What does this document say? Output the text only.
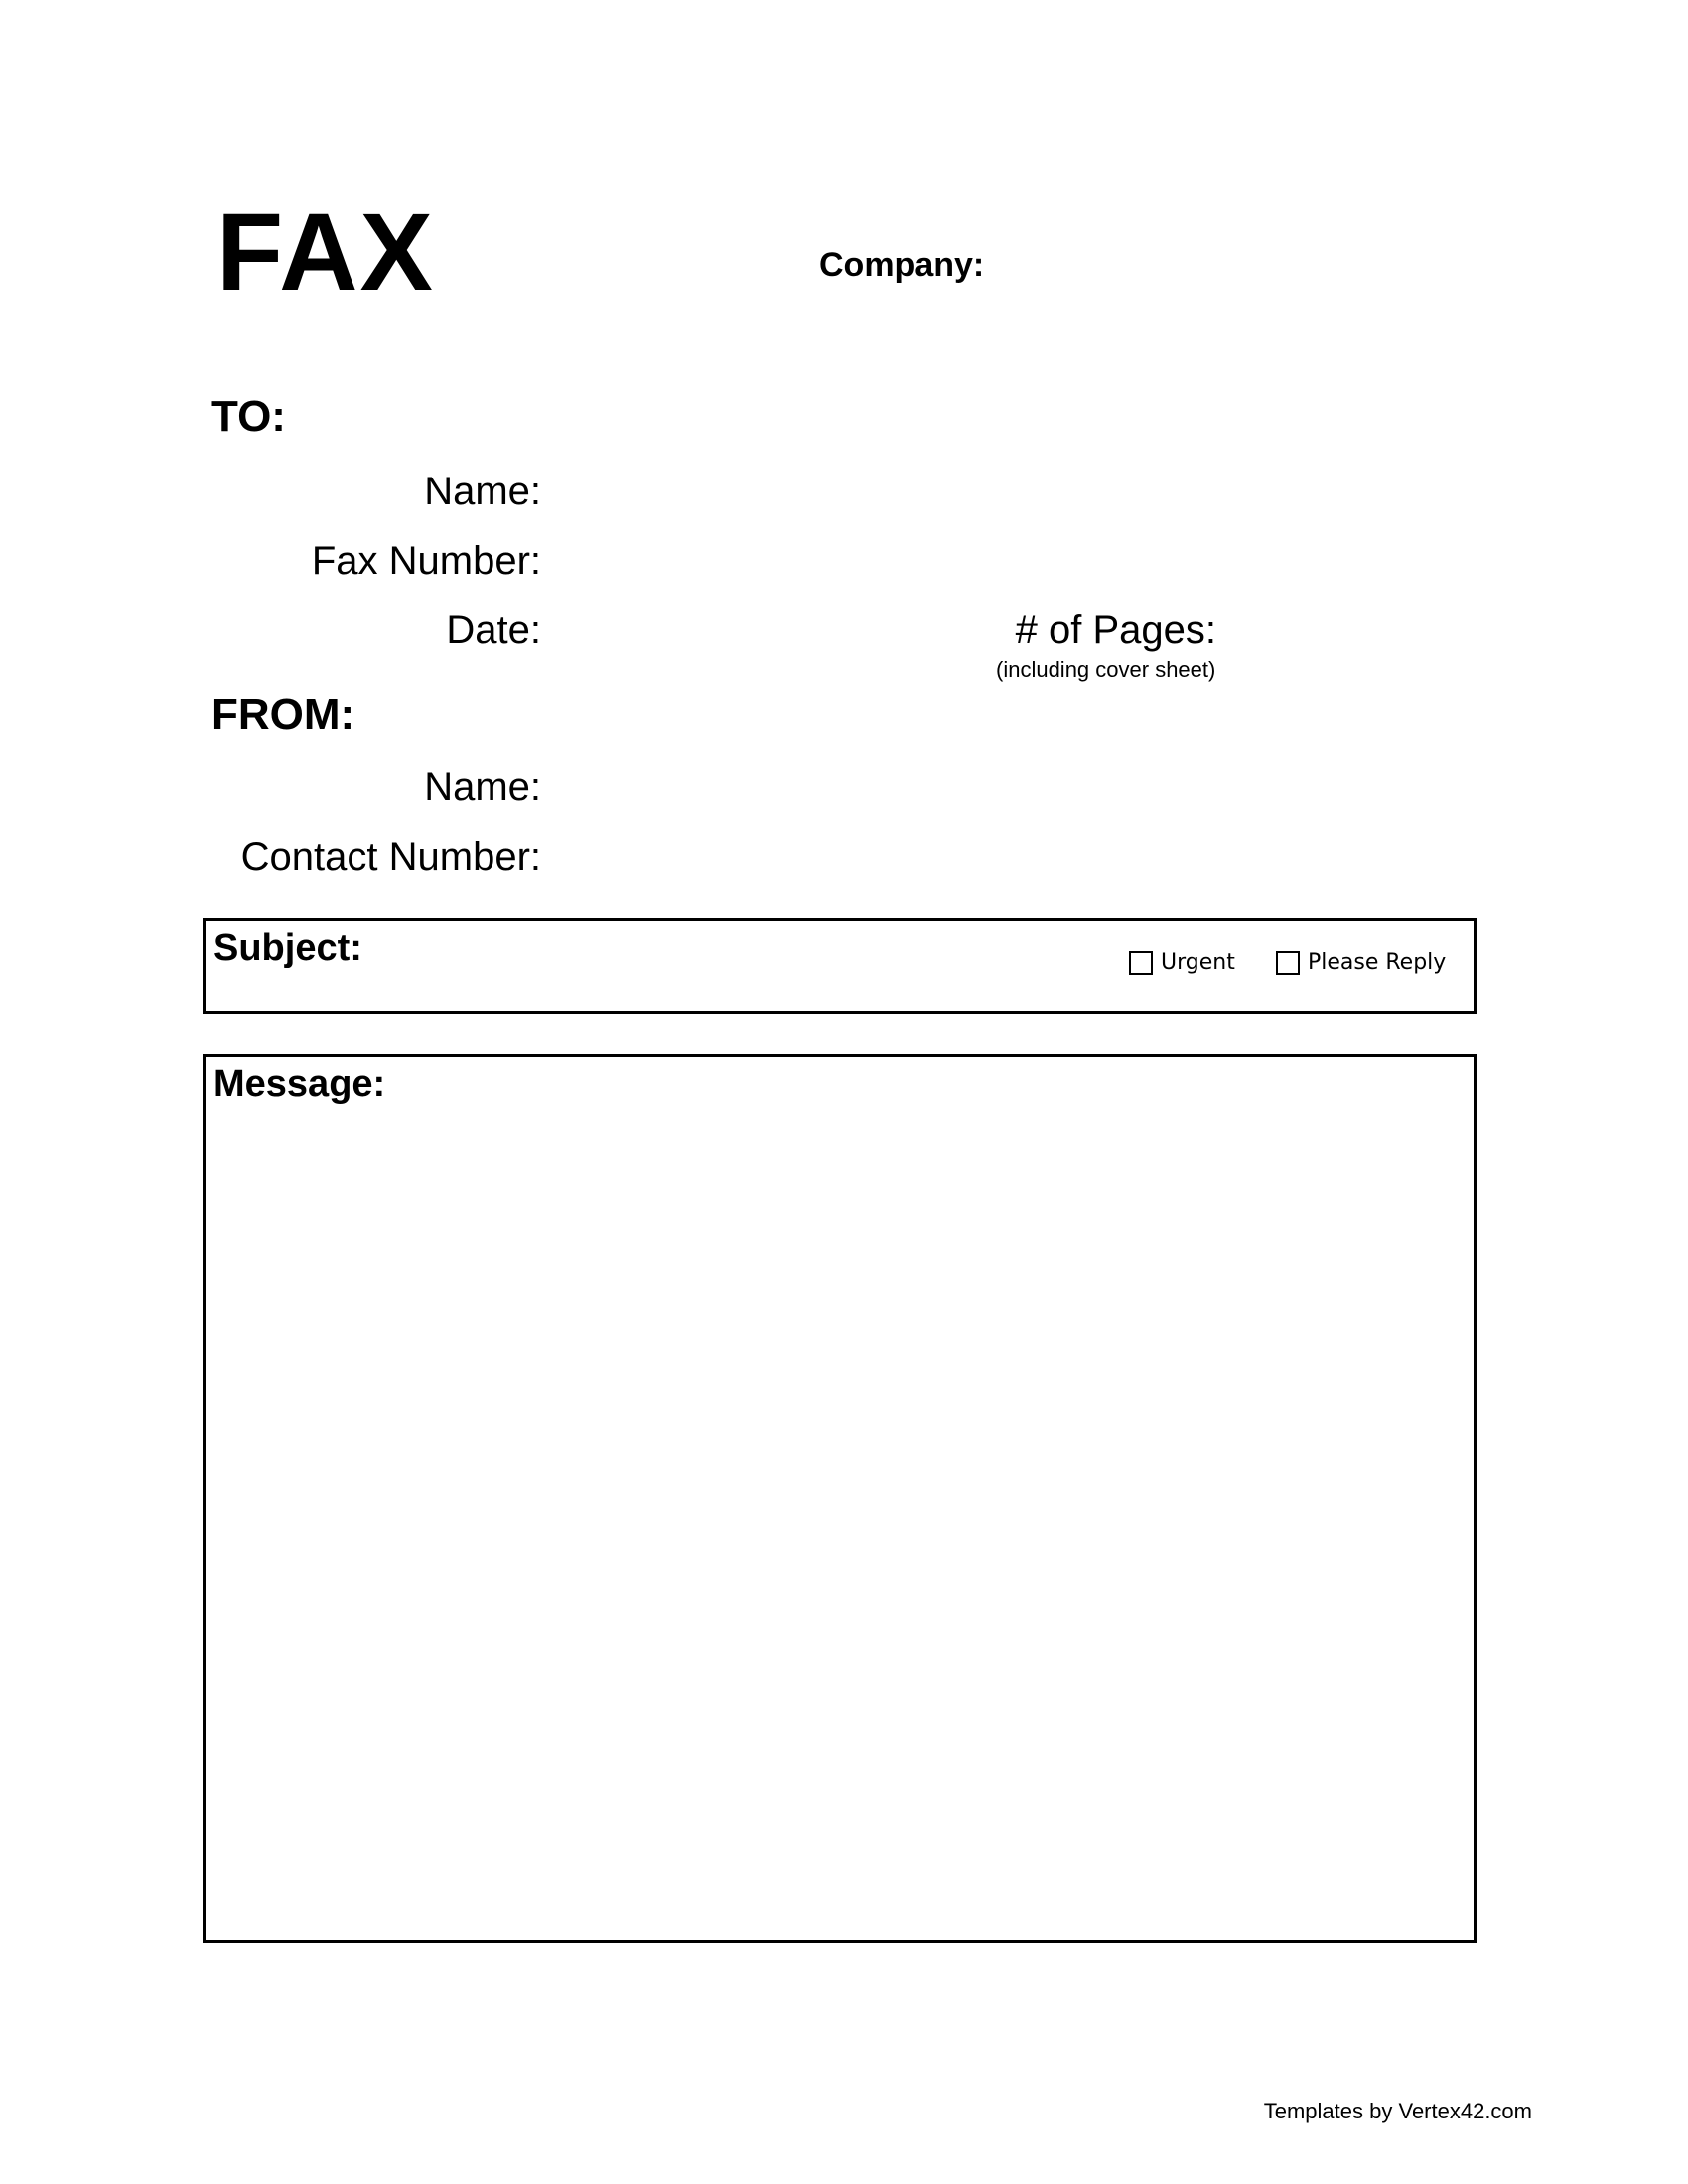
FAX	Company:
TO:
Name:
Fax Number:
Date:	# of Pages:
(including cover sheet)
FROM:
Name:
Contact Number:
Subject:	Urgent	Please Reply
Message:
Templates by Vertex42.com
